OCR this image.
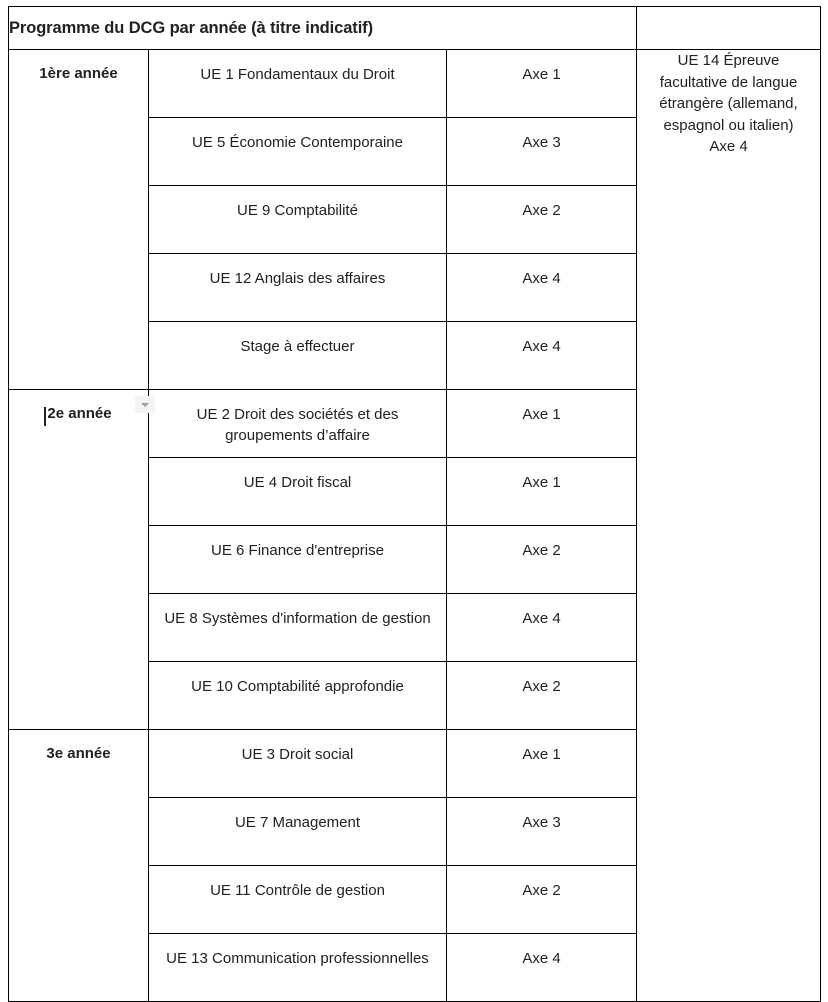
Programme du DCG par année (à titre indicatif)			

1ère année	UE 1 Fondamentaux du Droit	Axe 1	UE 14 Épreuve facultative de langue étrangère (allemand, espagnol ou italien) Axe 4

	UE 5 Économie Contemporaine	Axe 3	

	UE 9 Comptabilité	Axe 2	

	UE 12 Anglais des affaires	Axe 4	

	Stage à effectuer	Axe 4	

2e année	UE 2 Droit des sociétés et des groupements d’affaire	Axe 1	

	UE 4 Droit fiscal	Axe 1	

	UE 6 Finance d'entreprise	Axe 2	

	UE 8 Systèmes d'information de gestion	Axe 4	

	UE 10 Comptabilité approfondie	Axe 2	

3e année	UE 3 Droit social	Axe 1	

	UE 7 Management	Axe 3	

	UE 11 Contrôle de gestion	Axe 2	

	UE 13 Communication professionnelles	Axe 4	
